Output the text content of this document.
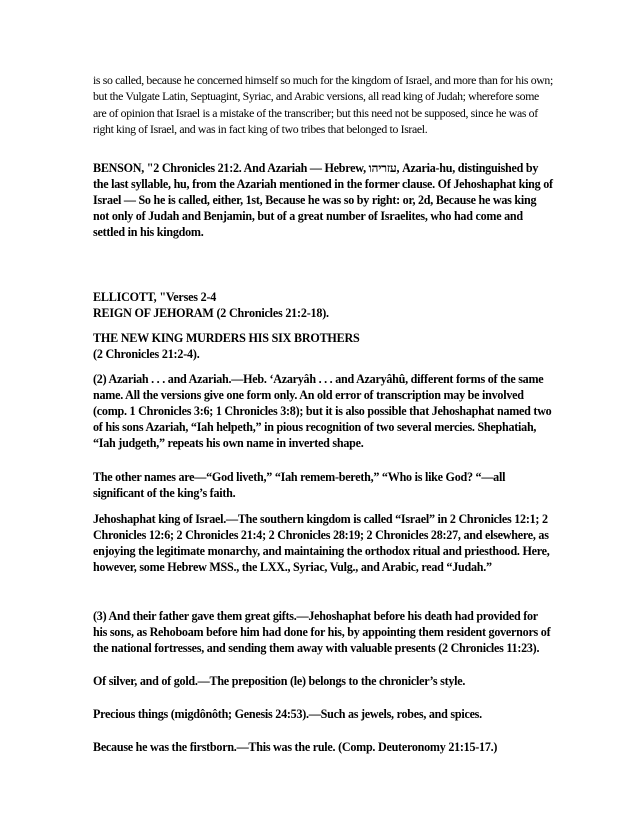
is so called, because he concerned himself so much for the kingdom of Israel, and more than for his own; but the Vulgate Latin, Septuagint, Syriac, and Arabic versions, all read king of Judah; wherefore some are of opinion that Israel is a mistake of the transcriber; but this need not be supposed, since he was of right king of Israel, and was in fact king of two tribes that belonged to Israel.

BENSON, "2 Chronicles 21:2. And Azariah — Hebrew, עזריהו, Azaria-hu, distinguished by the last syllable, hu, from the Azariah mentioned in the former clause. Of Jehoshaphat king of Israel — So he is called, either, 1st, Because he was so by right: or, 2d, Because he was king not only of Judah and Benjamin, but of a great number of Israelites, who had come and settled in his kingdom.

ELLICOTT, "Verses 2-4

REIGN OF JEHORAM (2 Chronicles 21:2-18).

THE NEW KING MURDERS HIS SIX BROTHERS

(2 Chronicles 21:2-4).

(2) Azariah . . . and Azariah.—Heb. ‘Azaryâh . . . and Azaryâhû, different forms of the same name. All the versions give one form only. An old error of transcription may be involved (comp. 1 Chronicles 3:6; 1 Chronicles 3:8); but it is also possible that Jehoshaphat named two of his sons Azariah, “Iah helpeth,” in pious recognition of two several mercies. Shephatiah, “Iah judgeth,” repeats his own name in inverted shape.

The other names are—“God liveth,” “Iah remem-bereth,” “Who is like God? “—all significant of the king’s faith.

Jehoshaphat king of Israel.—The southern kingdom is called “Israel” in 2 Chronicles 12:1; 2 Chronicles 12:6; 2 Chronicles 21:4; 2 Chronicles 28:19; 2 Chronicles 28:27, and elsewhere, as enjoying the legitimate monarchy, and maintaining the orthodox ritual and priesthood. Here, however, some Hebrew MSS., the LXX., Syriac, Vulg., and Arabic, read “Judah.”

(3) And their father gave them great gifts.—Jehoshaphat before his death had provided for his sons, as Rehoboam before him had done for his, by appointing them resident governors of the national fortresses, and sending them away with valuable presents (2 Chronicles 11:23).

Of silver, and of gold.—The preposition (le) belongs to the chronicler’s style.

Precious things (migdônôth; Genesis 24:53).—Such as jewels, robes, and spices.

Because he was the firstborn.—This was the rule. (Comp. Deuteronomy 21:15-17.)
